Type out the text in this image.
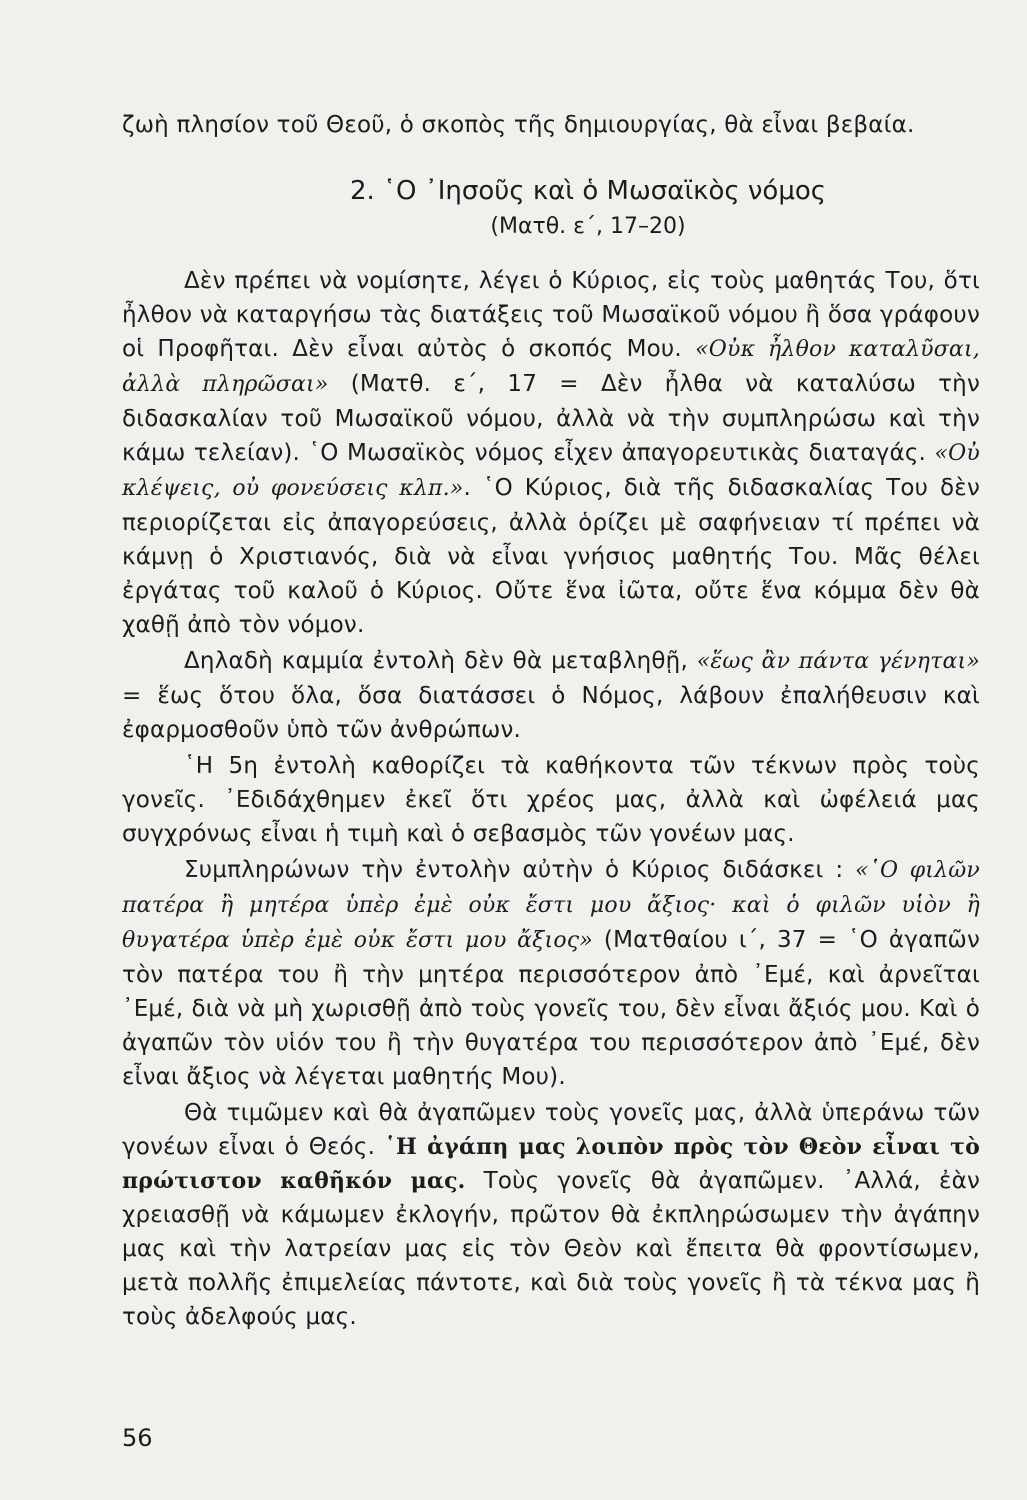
ζωὴ πλησίον τοῦ Θεοῦ, ὁ σκοπὸς τῆς δημιουργίας, θὰ εἶναι βεβαία.
2. ῾Ο ᾿Ιησοῦς καὶ ὁ Μωσαϊκὸς νόμος
(Ματθ. ε΄, 17–20)

Δὲν πρέπει νὰ νομίσητε, λέγει ὁ Κύριος, εἰς τοὺς μαθητάς Του, ὅτι ἦλθον νὰ καταργήσω τὰς διατάξεις τοῦ Μωσαϊκοῦ νόμου ἢ ὅσα γράφουν οἱ Προφῆται. Δὲν εἶναι αὐτὸς ὁ σκοπός Μου. «Οὐκ ἦλθον καταλῦσαι, ἀλλὰ πληρῶσαι» (Ματθ. ε΄, 17 = Δὲν ἦλθα νὰ καταλύσω τὴν διδασκαλίαν τοῦ Μωσαϊκοῦ νόμου, ἀλλὰ νὰ τὴν συμπληρώσω καὶ τὴν κάμω τελείαν). ῾Ο Μωσαϊκὸς νόμος εἶχεν ἀπαγορευτικὰς διαταγάς. «Οὐ κλέψεις, οὐ φονεύσεις κλπ.». ῾Ο Κύριος, διὰ τῆς διδασκαλίας Του δὲν περιορίζεται εἰς ἀπαγορεύσεις, ἀλλὰ ὁρίζει μὲ σαφήνειαν τί πρέπει νὰ κάμνῃ ὁ Χριστιανός, διὰ νὰ εἶναι γνήσιος μαθητής Του. Μᾶς θέλει ἐργάτας τοῦ καλοῦ ὁ Κύριος. Οὔτε ἕνα ἰῶτα, οὔτε ἕνα κόμμα δὲν θὰ χαθῇ ἀπὸ τὸν νόμον.

Δηλαδὴ καμμία ἐντολὴ δὲν θὰ μεταβληθῇ, «ἕως ἂν πάντα γένηται» = ἕως ὅτου ὅλα, ὅσα διατάσσει ὁ Νόμος, λάβουν ἐπαλήθευσιν καὶ ἐφαρμοσθοῦν ὑπὸ τῶν ἀνθρώπων.

῾Η 5η ἐντολὴ καθορίζει τὰ καθήκοντα τῶν τέκνων πρὸς τοὺς γονεῖς. ᾿Εδιδάχθημεν ἐκεῖ ὅτι χρέος μας, ἀλλὰ καὶ ὠφέλειά μας συγχρόνως εἶναι ἡ τιμὴ καὶ ὁ σεβασμὸς τῶν γονέων μας.

Συμπληρώνων τὴν ἐντολὴν αὐτὴν ὁ Κύριος διδάσκει : «῾Ο φιλῶν πατέρα ἢ μητέρα ὑπὲρ ἐμὲ οὐκ ἔστι μου ἄξιος· καὶ ὁ φιλῶν υἱὸν ἢ θυγατέρα ὑπὲρ ἐμὲ οὐκ ἔστι μου ἄξιος» (Ματθαίου ι΄, 37 = ῾Ο ἀγαπῶν τὸν πατέρα του ἢ τὴν μητέρα περισσότερον ἀπὸ ᾿Εμέ, καὶ ἀρνεῖται ᾿Εμέ, διὰ νὰ μὴ χωρισθῇ ἀπὸ τοὺς γονεῖς του, δὲν εἶναι ἄξιός μου. Καὶ ὁ ἀγαπῶν τὸν υἱόν του ἢ τὴν θυγατέρα του περισσότερον ἀπὸ ᾿Εμέ, δὲν εἶναι ἄξιος νὰ λέγεται μαθητής Μου).

Θὰ τιμῶμεν καὶ θὰ ἀγαπῶμεν τοὺς γονεῖς μας, ἀλλὰ ὑπεράνω τῶν γονέων εἶναι ὁ Θεός. ῾Η ἀγάπη μας λοιπὸν πρὸς τὸν Θεὸν εἶναι τὸ πρώτιστον καθῆκόν μας. Τοὺς γονεῖς θὰ ἀγαπῶμεν. ᾿Αλλά, ἐὰν χρειασθῇ νὰ κάμωμεν ἐκλογήν, πρῶτον θὰ ἐκπληρώσωμεν τὴν ἀγάπην μας καὶ τὴν λατρείαν μας εἰς τὸν Θεὸν καὶ ἔπειτα θὰ φροντίσωμεν, μετὰ πολλῆς ἐπιμελείας πάντοτε, καὶ διὰ τοὺς γονεῖς ἢ τὰ τέκνα μας ἢ τοὺς ἀδελφούς μας.

56
